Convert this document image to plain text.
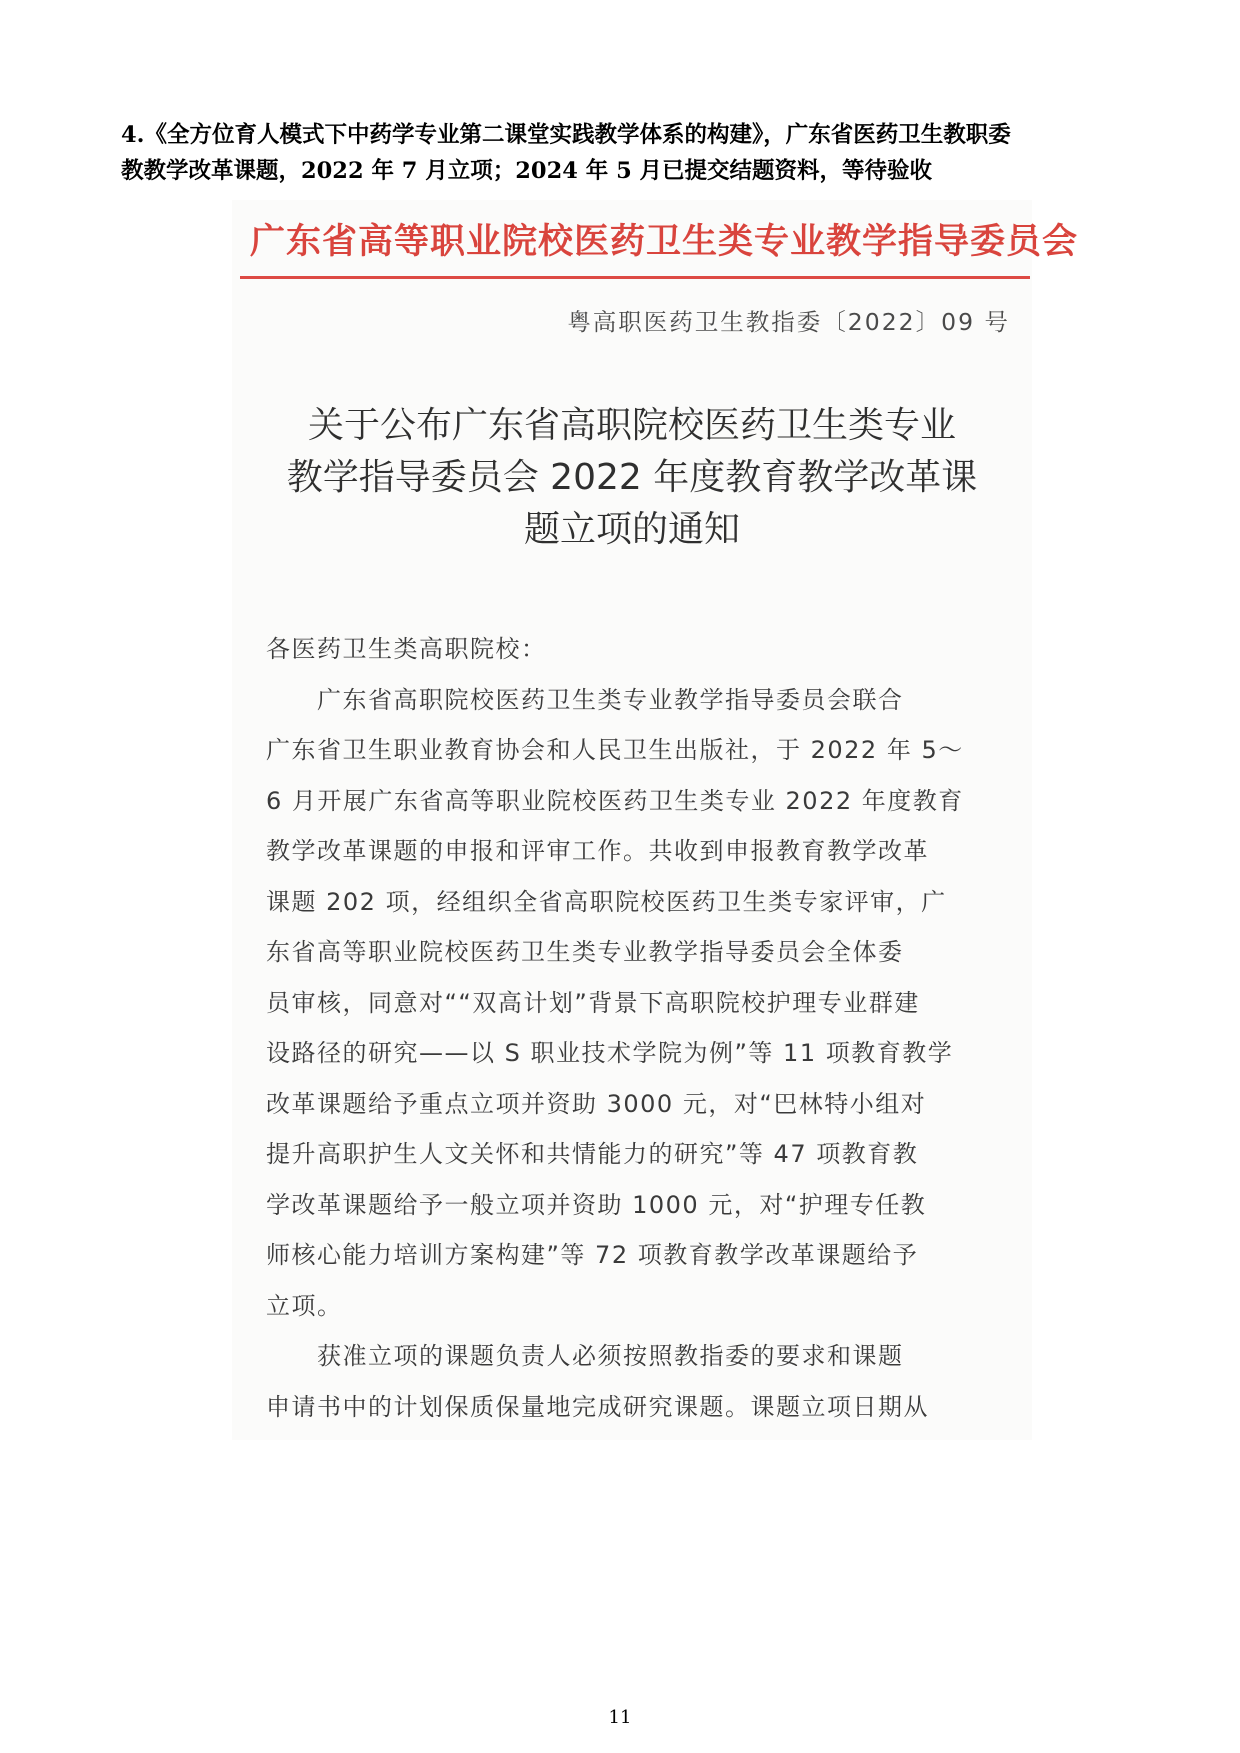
4.《全方位育人模式下中药学专业第二课堂实践教学体系的构建》，广东省医药卫生教职委
教教学改革课题，2022 年 7 月立项；2024 年 5 月已提交结题资料，等待验收
广东省高等职业院校医药卫生类专业教学指导委员会
粤高职医药卫生教指委〔2022〕09 号
关于公布广东省高职院校医药卫生类专业
教学指导委员会 2022 年度教育教学改革课
题立项的通知
各医药卫生类高职院校：
　　广东省高职院校医药卫生类专业教学指导委员会联合
广东省卫生职业教育协会和人民卫生出版社，于 2022 年 5～
6 月开展广东省高等职业院校医药卫生类专业 2022 年度教育
教学改革课题的申报和评审工作。共收到申报教育教学改革
课题 202 项，经组织全省高职院校医药卫生类专家评审，广
东省高等职业院校医药卫生类专业教学指导委员会全体委
员审核，同意对““双高计划”背景下高职院校护理专业群建
设路径的研究——以 S 职业技术学院为例”等 11 项教育教学
改革课题给予重点立项并资助 3000 元，对“巴林特小组对
提升高职护生人文关怀和共情能力的研究”等 47 项教育教
学改革课题给予一般立项并资助 1000 元，对“护理专任教
师核心能力培训方案构建”等 72 项教育教学改革课题给予
立项。
　　获准立项的课题负责人必须按照教指委的要求和课题
申请书中的计划保质保量地完成研究课题。课题立项日期从
11
